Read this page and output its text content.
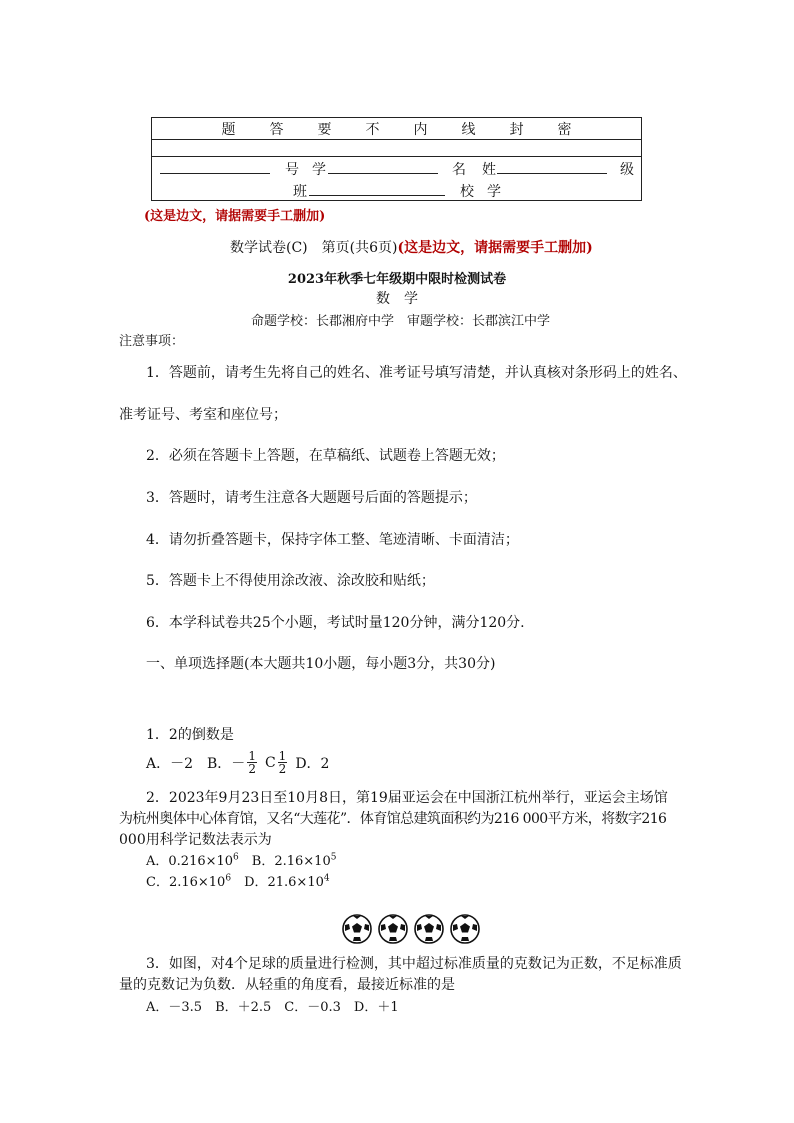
题 答 要 不 内 线 封 密
号 学	名 姓	级
班	校 学
(这是边文，请据需要手工删加)
数学试卷(C)　第页(共6页)(这是边文，请据需要手工删加)
2023年秋季七年级期中限时检测试卷
数　学
命题学校：长郡湘府中学　审题学校：长郡滨江中学
注意事项：
1．答题前，请考生先将自己的姓名、准考证号填写清楚，并认真核对条形码上的姓名、
准考证号、考室和座位号；
2．必须在答题卡上答题，在草稿纸、试题卷上答题无效；
3．答题时，请考生注意各大题题号后面的答题提示；
4．请勿折叠答题卡，保持字体工整、笔迹清晰、卡面清洁；
5．答题卡上不得使用涂改液、涂改胶和贴纸；
6．本学科试卷共25个小题，考试时量120分钟，满分120分.
一、单项选择题(本大题共10小题，每小题3分，共30分)
1．2的倒数是
A．－2　B．－ $\frac{1}{2}$ C $\frac{1}{2}$ D．2
2．2023年9月23日至10月8日，第19届亚运会在中国浙江杭州举行，亚运会主场馆
为杭州奥体中心体育馆，又名“大莲花”．体育馆总建筑面积约为216 000平方米，将数字216
000用科学记数法表示为
A．$0.216\times 10^6$　B．$2.16\times 10^5$
C．$2.16\times 10^6$　D．$21.6\times 10^4$
3．如图，对4个足球的质量进行检测，其中超过标准质量的克数记为正数，不足标准质
量的克数记为负数．从轻重的角度看，最接近标准的是
A．－3.5　B．＋2.5　C．－0.3　D．＋1
